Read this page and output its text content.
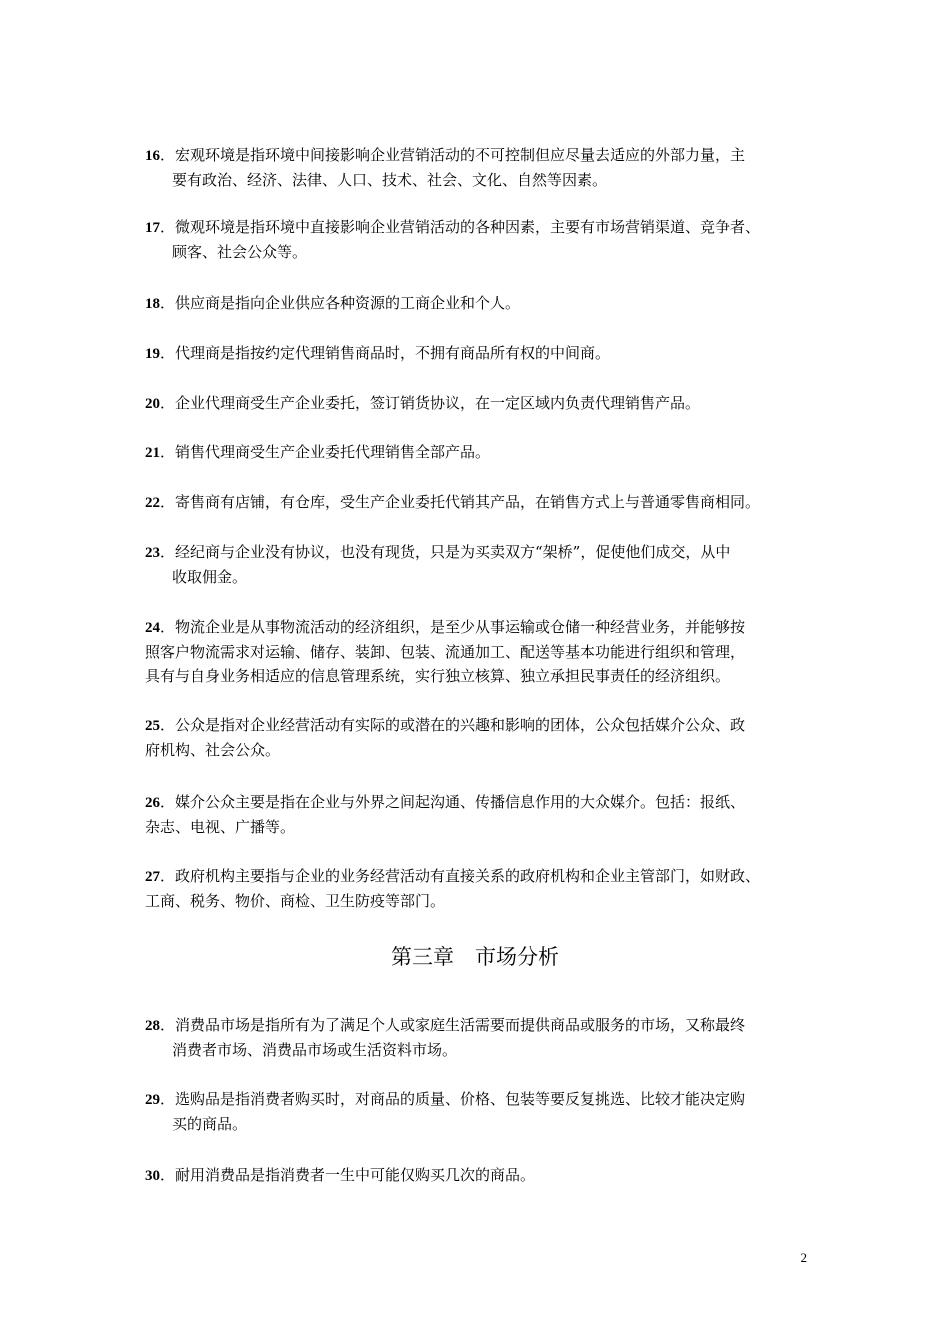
16．宏观环境是指环境中间接影响企业营销活动的不可控制但应尽量去适应的外部力量，主
要有政治、经济、法律、人口、技术、社会、文化、自然等因素。
17．微观环境是指环境中直接影响企业营销活动的各种因素，主要有市场营销渠道、竞争者、
顾客、社会公众等。
18．供应商是指向企业供应各种资源的工商企业和个人。
19．代理商是指按约定代理销售商品时，不拥有商品所有权的中间商。
20．企业代理商受生产企业委托，签订销货协议，在一定区域内负责代理销售产品。
21．销售代理商受生产企业委托代理销售全部产品。
22．寄售商有店铺，有仓库，受生产企业委托代销其产品，在销售方式上与普通零售商相同。
23．经纪商与企业没有协议，也没有现货，只是为买卖双方“架桥”，促使他们成交，从中
收取佣金。
24．物流企业是从事物流活动的经济组织，是至少从事运输或仓储一种经营业务，并能够按
照客户物流需求对运输、储存、装卸、包装、流通加工、配送等基本功能进行组织和管理，
具有与自身业务相适应的信息管理系统，实行独立核算、独立承担民事责任的经济组织。
25．公众是指对企业经营活动有实际的或潜在的兴趣和影响的团体，公众包括媒介公众、政
府机构、社会公众。
26．媒介公众主要是指在企业与外界之间起沟通、传播信息作用的大众媒介。包括：报纸、
杂志、电视、广播等。
27．政府机构主要指与企业的业务经营活动有直接关系的政府机构和企业主管部门，如财政、
工商、税务、物价、商检、卫生防疫等部门。
第三章　市场分析
28．消费品市场是指所有为了满足个人或家庭生活需要而提供商品或服务的市场，又称最终
消费者市场、消费品市场或生活资料市场。
29．选购品是指消费者购买时，对商品的质量、价格、包装等要反复挑选、比较才能决定购
买的商品。
30．耐用消费品是指消费者一生中可能仅购买几次的商品。
2
